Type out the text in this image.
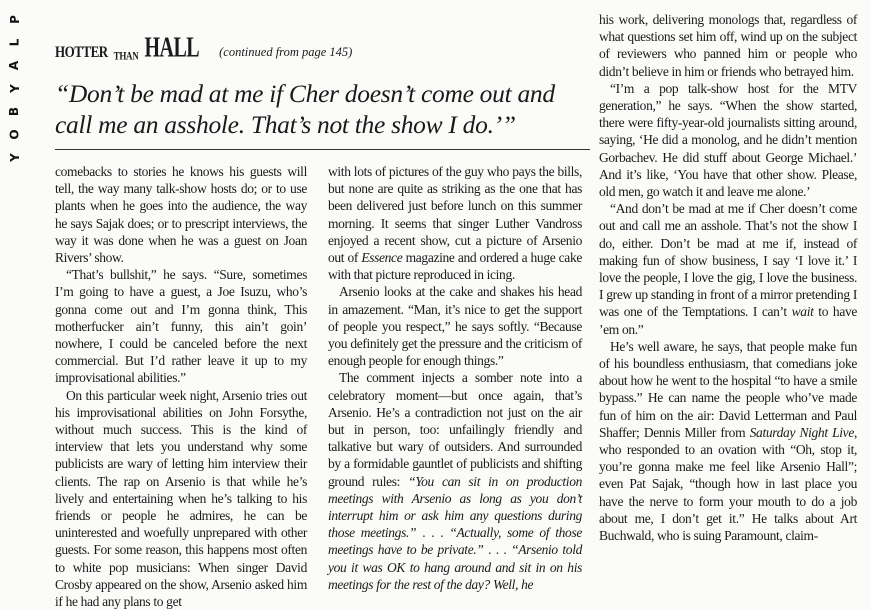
P
L
A
Y
B
O
Y
HOTTER THAN HALL (continued from page 145)
“Don’t be mad at me if Cher doesn’t come out and call me an asshole. That’s not the show I do.’”

comebacks to stories he knows his guests will tell, the way many talk-show hosts do; or to use plants when he goes into the audience, the way he says Sajak does; or to prescript interviews, the way it was done when he was a guest on Joan Rivers’ show.

“That’s bullshit,” he says. “Sure, sometimes I’m going to have a guest, a Joe Isuzu, who’s gonna come out and I’m gonna think, This motherfucker ain’t funny, this ain’t goin’ nowhere, I could be canceled before the next commercial. But I’d rather leave it up to my improvisational abilities.”

On this particular week night, Arsenio tries out his improvisational abilities on John Forsythe, without much success. This is the kind of interview that lets you understand why some publicists are wary of letting him interview their clients. The rap on Arsenio is that while he’s lively and entertaining when he’s talking to his friends or people he admires, he can be uninterested and woefully unprepared with other guests. For some reason, this happens most often to white pop musicians: When singer David Crosby appeared on the show, Arsenio asked him if he had any plans to get

with lots of pictures of the guy who pays the bills, but none are quite as striking as the one that has been delivered just before lunch on this summer morning. It seems that singer Luther Vandross enjoyed a recent show, cut a picture of Arsenio out of Essence magazine and ordered a huge cake with that picture reproduced in icing.

Arsenio looks at the cake and shakes his head in amazement. “Man, it’s nice to get the support of people you respect,” he says softly. “Because you definitely get the pressure and the criticism of enough people for enough things.”

The comment injects a somber note into a celebratory moment—but once again, that’s Arsenio. He’s a contradiction not just on the air but in person, too: unfailingly friendly and talkative but wary of outsiders. And surrounded by a formidable gauntlet of publicists and shifting ground rules: “You can sit in on production meetings with Arsenio as long as you don’t interrupt him or ask him any questions during those meetings.” . . . “Actually, some of those meetings have to be private.” . . . “Arsenio told you it was OK to hang around and sit in on his meetings for the rest of the day? Well, he

his work, delivering monologs that, regardless of what questions set him off, wind up on the subject of reviewers who panned him or people who didn’t believe in him or friends who betrayed him.

“I’m a pop talk-show host for the MTV generation,” he says. “When the show started, there were fifty-year-old journalists sitting around, saying, ‘He did a monolog, and he didn’t mention Gorbachev. He did stuff about George Michael.’ And it’s like, ‘You have that other show. Please, old men, go watch it and leave me alone.’

“And don’t be mad at me if Cher doesn’t come out and call me an asshole. That’s not the show I do, either. Don’t be mad at me if, instead of making fun of show business, I say ‘I love it.’ I love the people, I love the gig, I love the business. I grew up standing in front of a mirror pretending I was one of the Temptations. I can’t wait to have ’em on.”

He’s well aware, he says, that people make fun of his boundless enthusiasm, that comedians joke about how he went to the hospital “to have a smile bypass.” He can name the people who’ve made fun of him on the air: David Letterman and Paul Shaffer; Dennis Miller from Saturday Night Live, who responded to an ovation with “Oh, stop it, you’re gonna make me feel like Arsenio Hall”; even Pat Sajak, “though how in last place you have the nerve to form your mouth to do a job about me, I don’t get it.” He talks about Art Buchwald, who is suing Paramount, claim-
